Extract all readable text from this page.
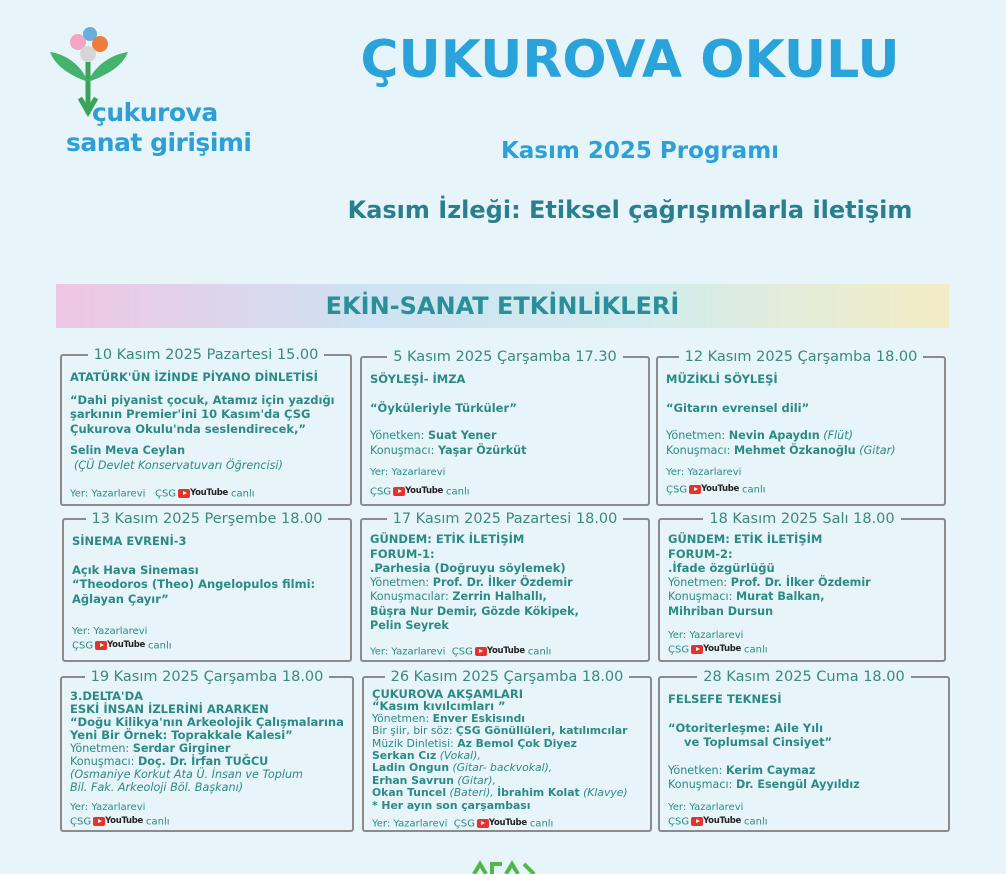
çukurova
sanat girişimi
ÇUKUROVA OKULU
Kasım 2025 Programı
Kasım İzleği: Etiksel çağrışımlarla iletişim
EKİN-SANAT ETKİNLİKLERİ
10 Kasım 2025 Pazartesi 15.00
ATATÜRK'ÜN İZİNDE PİYANO DİNLETİSİ
“Dahi piyanist çocuk, Atamız için yazdığı şarkının Premier'ini 10 Kasım'da ÇSG Çukurova Okulu'nda seslendirecek,”
Selin Meva Ceylan
(ÇÜ Devlet Konservatuvarı Öğrencisi)
Yer: Yazarlarevi ÇSG YouTube canlı
5 Kasım 2025 Çarşamba 17.30
SÖYLEŞİ- İMZA
“Öyküleriyle Türküler”
Yönetken: Suat Yener
Konuşmacı: Yaşar Özürküt
Yer: Yazarlarevi
ÇSG YouTube canlı
12 Kasım 2025 Çarşamba 18.00
MÜZİKLİ SÖYLEŞİ
“Gitarın evrensel dili”
Yönetmen: Nevin Apaydın (Flüt)
Konuşmacı: Mehmet Özkanoğlu (Gitar)
Yer: Yazarlarevi
ÇSG YouTube canlı
13 Kasım 2025 Perşembe 18.00
SİNEMA EVRENİ-3
Açık Hava Sineması
“Theodoros (Theo) Angelopulos filmi:
Ağlayan Çayır”
Yer: Yazarlarevi
ÇSG YouTube canlı
17 Kasım 2025 Pazartesi 18.00
GÜNDEM: ETİK İLETİŞİM
FORUM-1:
.Parhesia (Doğruyu söylemek)
Yönetmen: Prof. Dr. İlker Özdemir
Konuşmacılar: Zerrin Halhallı,
Büşra Nur Demir, Gözde Kökipek,
Pelin Seyrek
Yer: Yazarlarevi ÇSG YouTube canlı
18 Kasım 2025 Salı 18.00
GÜNDEM: ETİK İLETİŞİM
FORUM-2:
.İfade özgürlüğü
Yönetmen: Prof. Dr. İlker Özdemir
Konuşmacı: Murat Balkan,
Mihriban Dursun
Yer: Yazarlarevi
ÇSG YouTube canlı
19 Kasım 2025 Çarşamba 18.00
3.DELTA'DA
ESKİ İNSAN İZLERİNİ ARARKEN
“Doğu Kilikya'nın Arkeolojik Çalışmalarına
Yeni Bir Örnek: Toprakkale Kalesi”
Yönetmen: Serdar Girginer
Konuşmacı: Doç. Dr. İrfan TUĞCU
(Osmaniye Korkut Ata Ü. İnsan ve Toplum
Bil. Fak. Arkeoloji Böl. Başkanı)
Yer: Yazarlarevi
ÇSG YouTube canlı
26 Kasım 2025 Çarşamba 18.00
ÇUKUROVA AKŞAMLARI
“Kasım kıvılcımları ”
Yönetmen: Enver Eskisındı
Bir şiir, bir söz: ÇSG Gönüllüleri, katılımcılar
Müzik Dinletisi: Az Bemol Çok Diyez
Serkan Cız (Vokal),
Ladin Ongun (Gitar- backvokal),
Erhan Savrun (Gitar),
Okan Tuncel (Bateri), İbrahim Kolat (Klavye)
* Her ayın son çarşambası
Yer: Yazarlarevi ÇSG YouTube canlı
28 Kasım 2025 Cuma 18.00
FELSEFE TEKNESİ
“Otoriterleşme: Aile Yılı
ve Toplumsal Cinsiyet”
Yönetken: Kerim Caymaz
Konuşmacı: Dr. Esengül Ayyıldız
Yer: Yazarlarevi
ÇSG YouTube canlı
